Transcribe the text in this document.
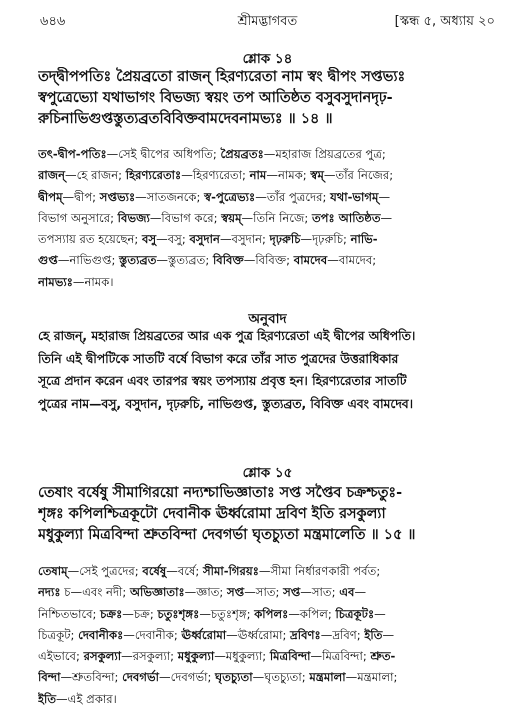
৬৪৬	শ্রীমদ্ভাগবত	[স্কন্ধ ৫, অধ্যায় ২০
শ্লোক ১৪
তদ্দ্বীপপতিঃ প্রৈয়ব্রতো রাজন্ হিরণ্যরেতা নাম স্বং দ্বীপং সপ্তভ্যঃ
স্বপুত্রেভ্যো যথাভাগং বিভজ্য স্বয়ং তপ আতিষ্ঠত বসুবসুদানদৃঢ়-
রুচিনাভিগুপ্তস্তুত্যব্রতবিবিক্তবামদেবনামভ্যঃ ॥ ১৪ ॥
তৎ-দ্বীপ-পতিঃ—সেই দ্বীপের অধিপতি; প্রৈয়ব্রতঃ—মহারাজ প্রিয়ব্রতের পুত্র;
রাজন্—হে রাজন; হিরণ্যরেতাঃ—হিরণ্যরেতা; নাম—নামক; স্বম্—তাঁর নিজের;
দ্বীপম্—দ্বীপ; সপ্তভ্যঃ—সাতজনকে; স্ব-পুত্রেভ্যঃ—তাঁর পুত্রদের; যথা-ভাগম্—
বিভাগ অনুসারে; বিভজ্য—বিভাগ করে; স্বয়ম্—তিনি নিজে; তপঃ আতিষ্ঠত—
তপস্যায় রত হয়েছেন; বসু—বসু; বসুদান—বসুদান; দৃঢ়রুচি—দৃঢ়রুচি; নাভি-
গুপ্ত—নাভিগুপ্ত; স্তুত্যব্রত—স্তুত্যব্রত; বিবিক্ত—বিবিক্ত; বামদেব—বামদেব;
নামভ্যঃ—নামক।
অনুবাদ
হে রাজন্, মহারাজ প্রিয়ব্রতের আর এক পুত্র হিরণ্যরেতা এই দ্বীপের অধিপতি।
তিনি এই দ্বীপটিকে সাতটি বর্ষে বিভাগ করে তাঁর সাত পুত্রদের উত্তরাধিকার
সূত্রে প্রদান করেন এবং তারপর স্বয়ং তপস্যায় প্রবৃত্ত হন। হিরণ্যরেতার সাতটি
পুত্রের নাম—বসু, বসুদান, দৃঢ়রুচি, নাভিগুপ্ত, স্তুত্যব্রত, বিবিক্ত এবং বামদেব।
শ্লোক ১৫
তেষাং বর্ষেষু সীমাগিরয়ো নদ্যশ্চাভিজ্ঞাতাঃ সপ্ত সপ্তৈব চক্রশ্চতুঃ-
শৃঙ্গঃ কপিলশ্চিত্রকূটো দেবানীক ঊর্ধ্বরোমা দ্রবিণ ইতি রসকুল্যা
মধুকুল্যা মিত্রবিন্দা শ্রুতবিন্দা দেবগর্ভা ঘৃতচ্যুতা মন্ত্রমালেতি ॥ ১৫ ॥
তেষাম্—সেই পুত্রদের; বর্ষেষু—বর্ষে; সীমা-গিরয়ঃ—সীমা নির্ধারণকারী পর্বত;
নদ্যঃ চ—এবং নদী; অভিজ্ঞাতাঃ—জ্ঞাত; সপ্ত—সাত; সপ্ত—সাত; এব—
নিশ্চিতভাবে; চক্রঃ—চক্র; চতুঃশৃঙ্গঃ—চতুঃশৃঙ্গ; কপিলঃ—কপিল; চিত্রকূটঃ—
চিত্রকূট; দেবানীকঃ—দেবানীক; ঊর্ধ্বরোমা—ঊর্ধ্বরোমা; দ্রবিণঃ—দ্রবিণ; ইতি—
এইভাবে; রসকুল্যা—রসকুল্যা; মধুকুল্যা—মধুকুল্যা; মিত্রবিন্দা—মিত্রবিন্দা; শ্রুত-
বিন্দা—শ্রুতবিন্দা; দেবগর্ভা—দেবগর্ভা; ঘৃতচ্যুতা—ঘৃতচ্যুতা; মন্ত্রমালা—মন্ত্রমালা;
ইতি—এই প্রকার।
